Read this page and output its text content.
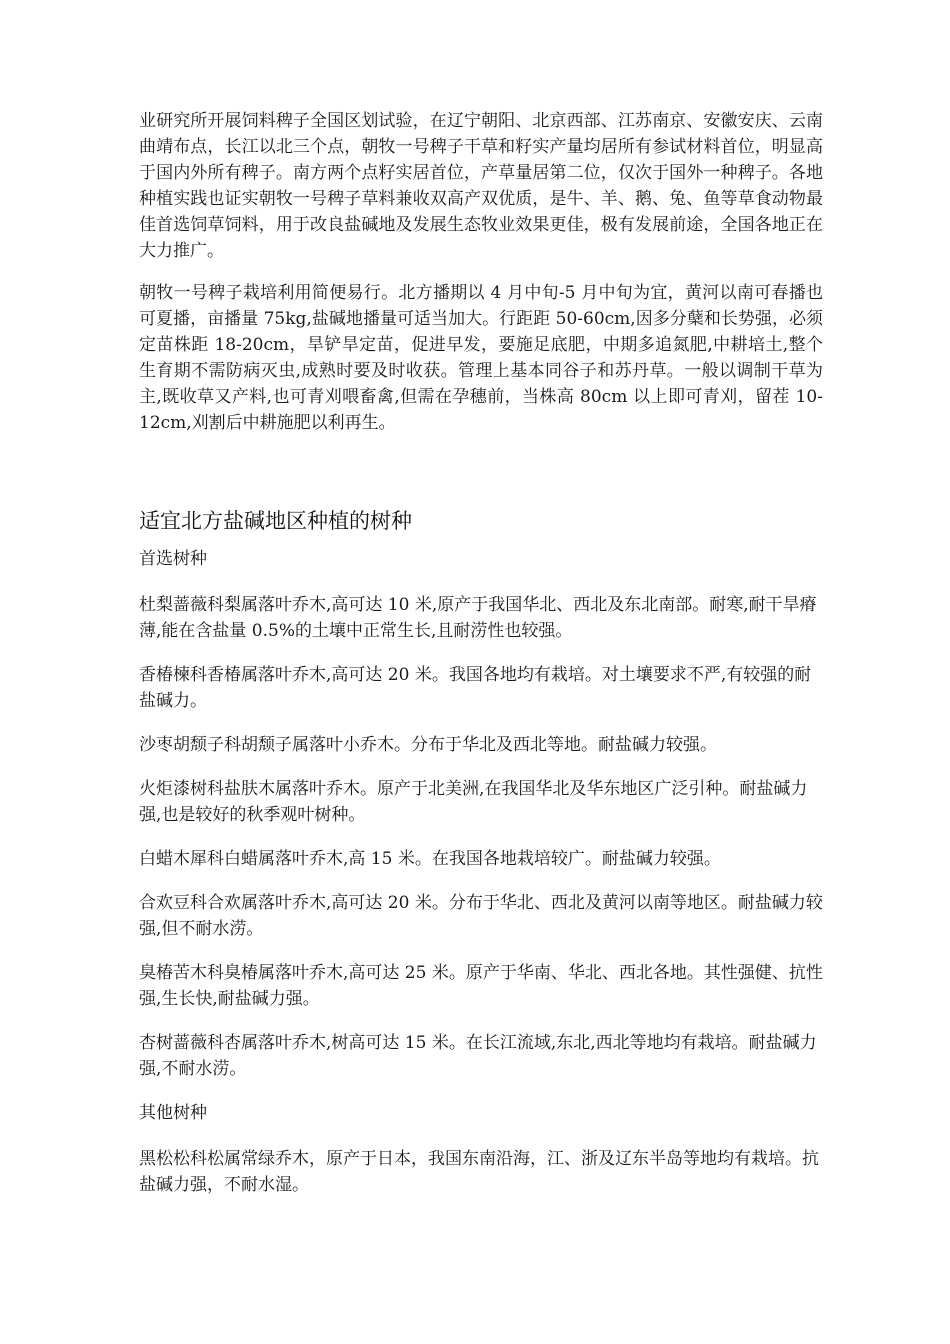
业研究所开展饲料稗子全国区划试验，在辽宁朝阳、北京西部、江苏南京、安徽安庆、云南曲靖布点，长江以北三个点，朝牧一号稗子干草和籽实产量均居所有参试材料首位，明显高于国内外所有稗子。南方两个点籽实居首位，产草量居第二位，仅次于国外一种稗子。各地种植实践也证实朝牧一号稗子草料兼收双高产双优质，是牛、羊、鹅、兔、鱼等草食动物最佳首选饲草饲料，用于改良盐碱地及发展生态牧业效果更佳，极有发展前途，全国各地正在大力推广。

朝牧一号稗子栽培利用简便易行。北方播期以 4 月中旬-5 月中旬为宜，黄河以南可春播也可夏播，亩播量 75kg,盐碱地播量可适当加大。行距距 50-60cm,因多分蘖和长势强，必须定苗株距 18-20cm，旱铲旱定苗，促进早发，要施足底肥，中期多追氮肥,中耕培土,整个生育期不需防病灭虫,成熟时要及时收获。管理上基本同谷子和苏丹草。一般以调制干草为主,既收草又产料,也可青刈喂畜禽,但需在孕穗前，当株高 80cm 以上即可青刈，留茬 10-12cm,刈割后中耕施肥以利再生。

适宜北方盐碱地区种植的树种
首选树种

杜梨蔷薇科梨属落叶乔木,高可达 10 米,原产于我国华北、西北及东北南部。耐寒,耐干旱瘠薄,能在含盐量 0.5%的土壤中正常生长,且耐涝性也较强。

香椿楝科香椿属落叶乔木,高可达 20 米。我国各地均有栽培。对土壤要求不严,有较强的耐盐碱力。

沙枣胡颓子科胡颓子属落叶小乔木。分布于华北及西北等地。耐盐碱力较强。

火炬漆树科盐肤木属落叶乔木。原产于北美洲,在我国华北及华东地区广泛引种。耐盐碱力强,也是较好的秋季观叶树种。

白蜡木犀科白蜡属落叶乔木,高 15 米。在我国各地栽培较广。耐盐碱力较强。

合欢豆科合欢属落叶乔木,高可达 20 米。分布于华北、西北及黄河以南等地区。耐盐碱力较强,但不耐水涝。

臭椿苦木科臭椿属落叶乔木,高可达 25 米。原产于华南、华北、西北各地。其性强健、抗性强,生长快,耐盐碱力强。

杏树蔷薇科杏属落叶乔木,树高可达 15 米。在长江流域,东北,西北等地均有栽培。耐盐碱力强,不耐水涝。

其他树种

黑松松科松属常绿乔木，原产于日本，我国东南沿海，江、浙及辽东半岛等地均有栽培。抗盐碱力强，不耐水湿。
